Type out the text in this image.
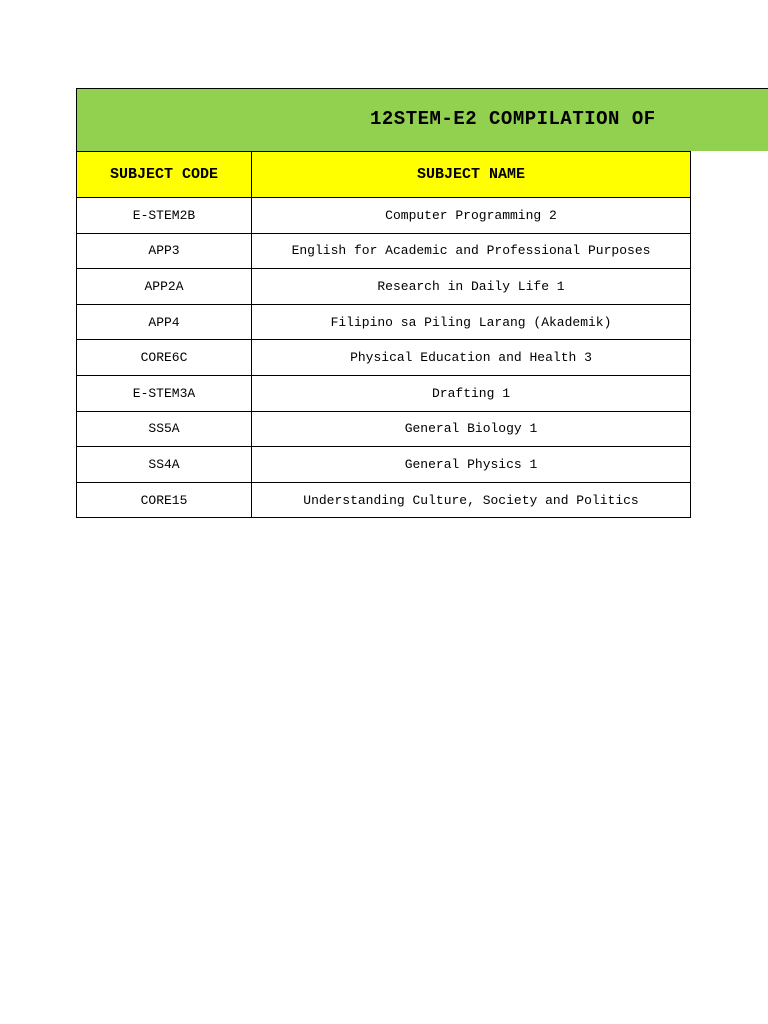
12STEM-E2 COMPILATION OF
SUBJECT CODE	SUBJECT NAME
E-STEM2B	Computer Programming 2
APP3	English for Academic and Professional Purposes
APP2A	Research in Daily Life 1
APP4	Filipino sa Piling Larang (Akademik)
CORE6C	Physical Education and Health 3
E-STEM3A	Drafting 1
SS5A	General Biology 1
SS4A	General Physics 1
CORE15	Understanding Culture, Society and Politics
